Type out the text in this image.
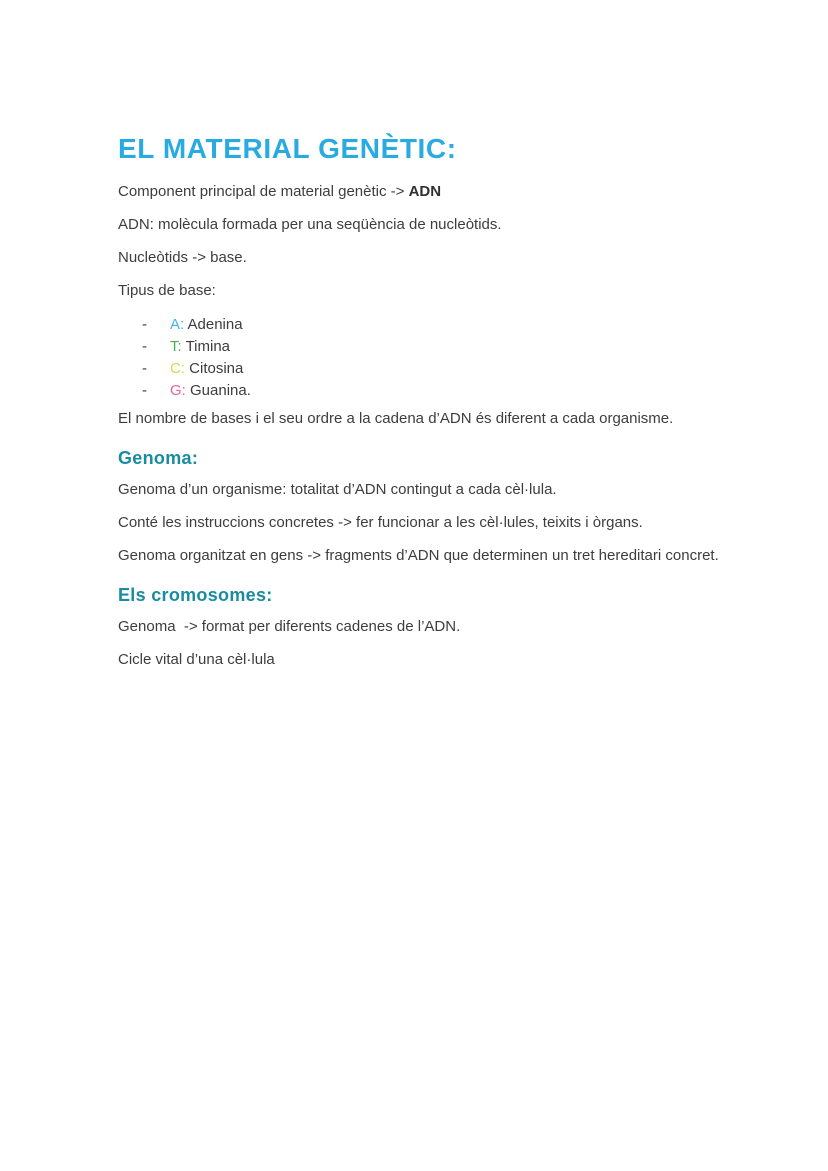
EL MATERIAL GENÈTIC:

Component principal de material genètic -> ADN

ADN: molècula formada per una seqüència de nucleòtids.

Nucleòtids -> base.

Tipus de base:

- A: Adenina
- T: Timina
- C: Citosina
- G: Guanina.

El nombre de bases i el seu ordre a la cadena d’ADN és diferent a cada organisme.

Genoma:

Genoma d’un organisme: totalitat d’ADN contingut a cada cèl·lula.

Conté les instruccions concretes -> fer funcionar a les cèl·lules, teixits i òrgans.

Genoma organitzat en gens -> fragments d’ADN que determinen un tret hereditari concret.

Els cromosomes:

Genoma  -> format per diferents cadenes de l’ADN.

Cicle vital d’una cèl·lula
